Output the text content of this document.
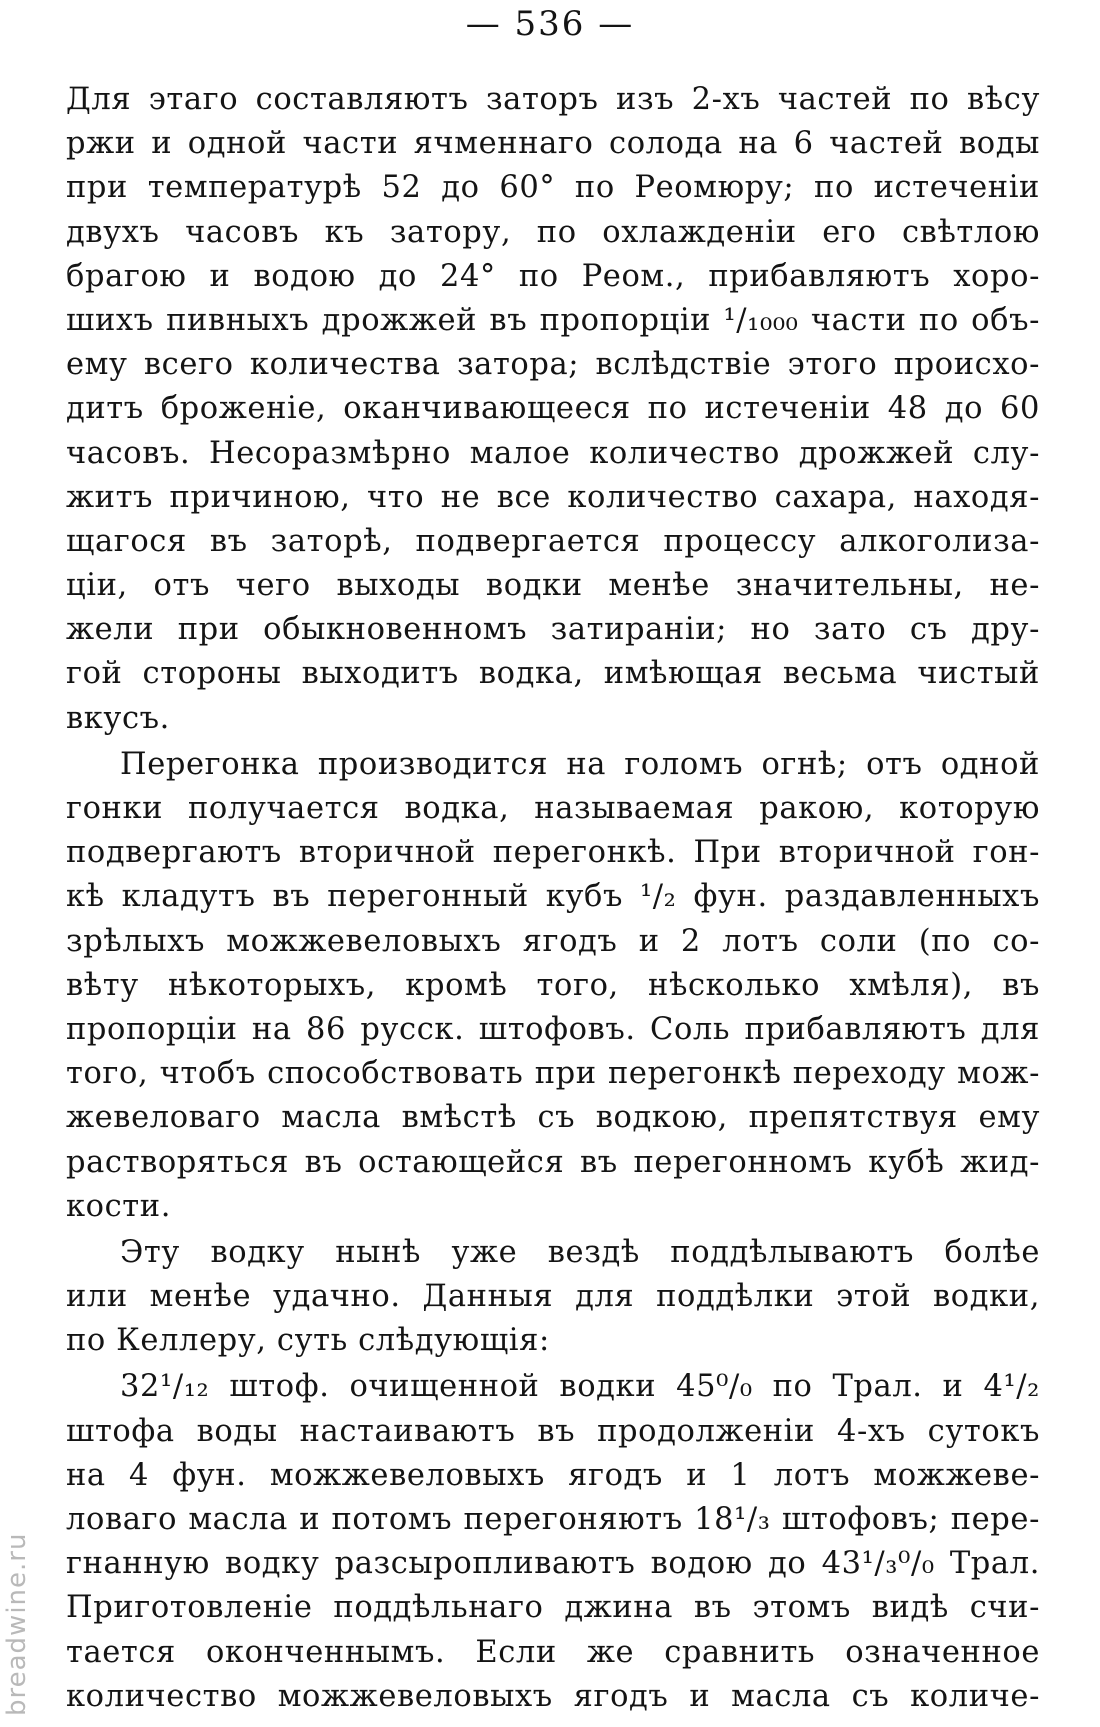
— 536 —
Для этаго составляютъ заторъ изъ 2-хъ частей по вѣсу
ржи и одной части ячменнаго солода на 6 частей воды
при температурѣ 52 до 60° по Реомюру; по истеченіи
двухъ часовъ къ затору, по охлажденіи его свѣтлою
брагою и водою до 24° по Реом., прибавляютъ хоро-
шихъ пивныхъ дрожжей въ пропорціи ¹/₁₀₀₀ части по объ-
ему всего количества затора; вслѣдствіе этого происхо-
дитъ броженіе, оканчивающееся по истеченіи 48 до 60
часовъ. Несоразмѣрно малое количество дрожжей слу-
житъ причиною, что не все количество сахара, находя-
щагося въ заторѣ, подвергается процессу алкоголиза-
ціи, отъ чего выходы водки менѣе значительны, не-
жели при обыкновенномъ затираніи; но зато съ дру-
гой стороны выходитъ водка, имѣющая весьма чистый
вкусъ.
Перегонка производится на голомъ огнѣ; отъ одной
гонки получается водка, называемая ракою, которую
подвергаютъ вторичной перегонкѣ. При вторичной гон-
кѣ кладутъ въ перегонный кубъ ¹/₂ фун. раздавленныхъ
зрѣлыхъ можжевеловыхъ ягодъ и 2 лотъ соли (по со-
вѣту нѣкоторыхъ, кромѣ того, нѣсколько хмѣля), въ
пропорціи на 86 русск. штофовъ. Соль прибавляютъ для
того, чтобъ способствовать при перегонкѣ переходу мож-
жевеловаго масла вмѣстѣ съ водкою, препятствуя ему
растворяться въ остающейся въ перегонномъ кубѣ жид-
кости.
Эту водку нынѣ уже вездѣ поддѣлываютъ болѣе
или менѣе удачно. Данныя для поддѣлки этой водки,
по Келлеру, суть слѣдующія:
32¹/₁₂ штоф. очищенной водки 45⁰/₀ по Трал. и 4¹/₂
штофа воды настаиваютъ въ продолженіи 4-хъ сутокъ
на 4 фун. можжевеловыхъ ягодъ и 1 лотъ можжеве-
ловаго масла и потомъ перегоняютъ 18¹/₃ штофовъ; пере-
гнанную водку разсыропливаютъ водою до 43¹/₃⁰/₀ Трал.
Приготовленіе поддѣльнаго джина въ этомъ видѣ счи-
тается оконченнымъ. Если же сравнить означенное
количество можжевеловыхъ ягодъ и масла съ количе-
breadwine.ru
